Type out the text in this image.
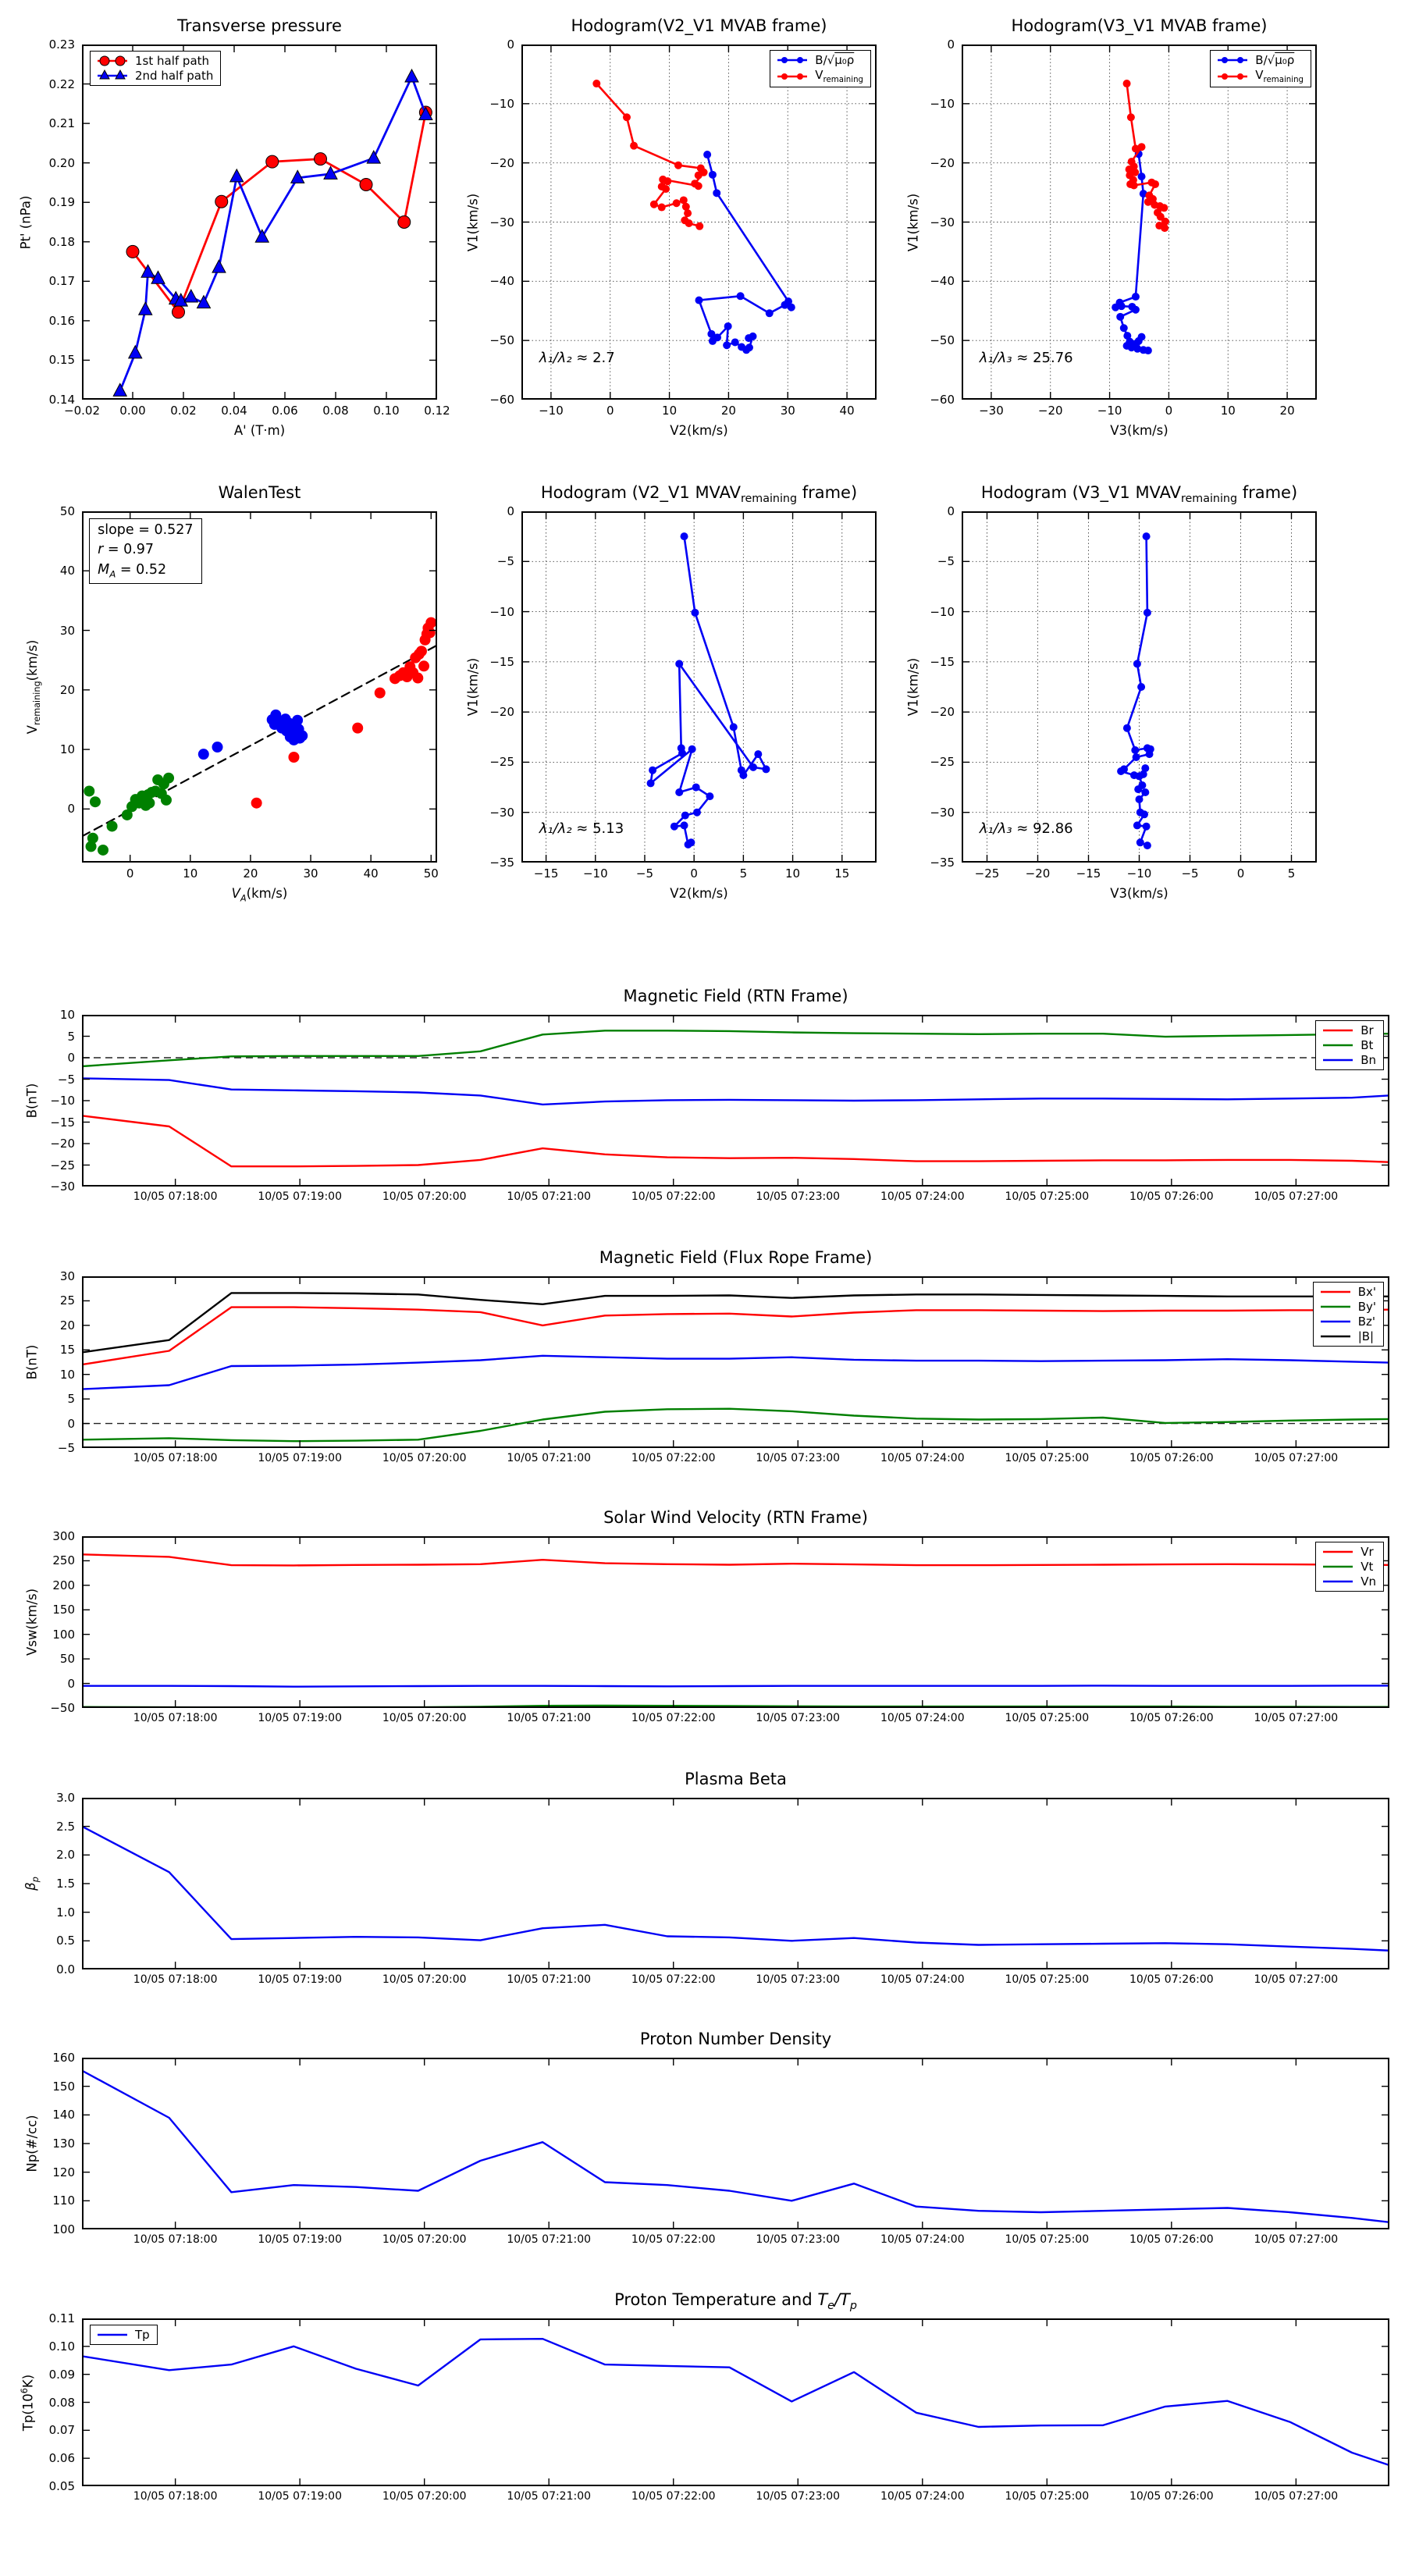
−0.02 0.00 0.02 0.04 0.06 0.08 0.10 0.12
0.14
0.15
0.16
0.17
0.18
0.19
0.20
0.21
0.22
0.23
Transverse pressure
Pt' (nPa)
A' (T·m)
1st half path
2nd half path
−10	0	10	20	30	40
0
−10
−20
−30
−40
−50
−60
Hodogram(V2_V1 MVAB frame)
V1(km/s)
V2(km/s)
B/√μ₀ρ
$V_{remaining}$
λ₁/λ₂ ≈ 2.7
−30	−20	−10	0	10	20
0
−10
−20
−30
−40
−50
−60
Hodogram(V3_V1 MVAB frame)
V1(km/s)
V3(km/s)
B/√μ₀ρ
$V_{remaining}$
λ₁/λ₃ ≈ 25.76
0	10	20	30	40	50
0
10
20
30
40
50
WalenTest
$V_{remaining}(km/s)$
$V_A(km/s)$
slope = 0.527
r = 0.97
$M_A = 0.52$
−15 −10 −5	0	5	10	15
0
−5
−10
−15
−20
−25
−30
−35
Hodogram (V2_V1 $MVAV_{remaining}$ frame)
V1(km/s)
V2(km/s)
λ₁/λ₂ ≈ 5.13
−25 −20 −15 −10	−5	0	5
0
−5
−10
−15
−20
−25
−30
−35
Hodogram (V3_V1 $MVAV_{remaining}$ frame)
V1(km/s)
V3(km/s)
λ₁/λ₃ ≈ 92.86
10/05 07:18:00	10/05 07:19:00	10/05 07:20:00	10/05 07:21:00	10/05 07:22:00	10/05 07:23:00	10/05 07:24:00	10/05 07:25:00	10/05 07:26:00	10/05 07:27:00
−30
−25
−20
−15
−10
−5
0
5
10
Magnetic Field (RTN Frame)
B(nT)
Br
Bt
Bn
10/05 07:18:00	10/05 07:19:00	10/05 07:20:00	10/05 07:21:00	10/05 07:22:00	10/05 07:23:00	10/05 07:24:00	10/05 07:25:00	10/05 07:26:00	10/05 07:27:00
−5
0
5
10
15
20
25
30
Magnetic Field (Flux Rope Frame)
B(nT)
Bx'
By'
Bz'
|B|
10/05 07:18:00	10/05 07:19:00	10/05 07:20:00	10/05 07:21:00	10/05 07:22:00	10/05 07:23:00	10/05 07:24:00	10/05 07:25:00	10/05 07:26:00	10/05 07:27:00
−50
0
50
100
150
200
250
300
Solar Wind Velocity (RTN Frame)
Vsw(km/s)
Vr
Vt
Vn
10/05 07:18:00	10/05 07:19:00	10/05 07:20:00	10/05 07:21:00	10/05 07:22:00	10/05 07:23:00	10/05 07:24:00	10/05 07:25:00	10/05 07:26:00	10/05 07:27:00
0.0
0.5
1.0
1.5
2.0
2.5
3.0
Plasma Beta
$\beta_p$
10/05 07:18:00	10/05 07:19:00	10/05 07:20:00	10/05 07:21:00	10/05 07:22:00	10/05 07:23:00	10/05 07:24:00	10/05 07:25:00	10/05 07:26:00	10/05 07:27:00
100
110
120
130
140
150
160
Proton Number Density
Np(#/cc)
10/05 07:18:00	10/05 07:19:00	10/05 07:20:00	10/05 07:21:00	10/05 07:22:00	10/05 07:23:00	10/05 07:24:00	10/05 07:25:00	10/05 07:26:00	10/05 07:27:00
0.05
0.06
0.07
0.08
0.09
0.10
0.11
Proton Temperature and $T_e/T_p$
$Tp(10^6K)$
Tp
